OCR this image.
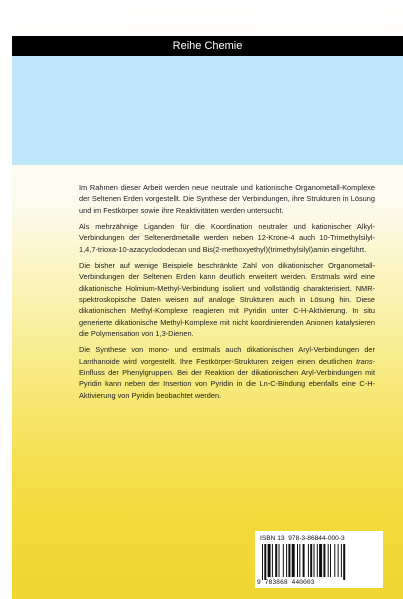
Reihe Chemie

Im Rahmen dieser Arbeit werden neue neutrale und kationische Organometall-Komplexe der Seltenen Erden vorgestellt. Die Synthese der Verbindungen, ihre Strukturen in Lösung und im Festkörper sowie ihre Reaktivitäten werden untersucht.

Als mehrzähnige Liganden für die Koordination neutraler und kationischer Alkyl-Verbindungen der Seltenerdmetalle werden neben 12-Krone-4 auch 10-Trimethylsilyl-1,4,7-trioxa-10-azacyclododecan und Bis(2-methoxyethyl)(trimethylsilyl)amin eingeführt.

Die bisher auf wenige Beispiele beschränkte Zahl von dikationischer Organometall-Verbindungen der Seltenen Erden kann deutlich erweitert werden. Erstmals wird eine dikationische Holmium-Methyl-Verbindung isoliert und vollständig charakterisiert. NMR-spektroskopische Daten weisen auf analoge Strukturen auch in Lösung hin. Diese dikationischen Methyl-Komplexe reagieren mit Pyridin unter C-H-Aktivierung. In situ generierte dikationische Methyl-Komplexe mit nicht koordinierenden Anionen katalysieren die Polymerisation von 1,3-Dienen.

Die Synthese von mono- und erstmals auch dikationischen Aryl-Verbindungen der Lanthanoide wird vorgestellt. Ihre Festkörper-Strukturen zeigen einen deutlichen trans-Einfluss der Phenylgruppen. Bei der Reaktion der dikationischen Aryl-Verbindungen mit Pyridin kann neben der Insertion von Pyridin in die Ln-C-Bindung ebenfalls eine C-H-Aktivierung von Pyridin beobachtet werden.

ISBN 13 978-3-86844-000-3
9 783868 440003
